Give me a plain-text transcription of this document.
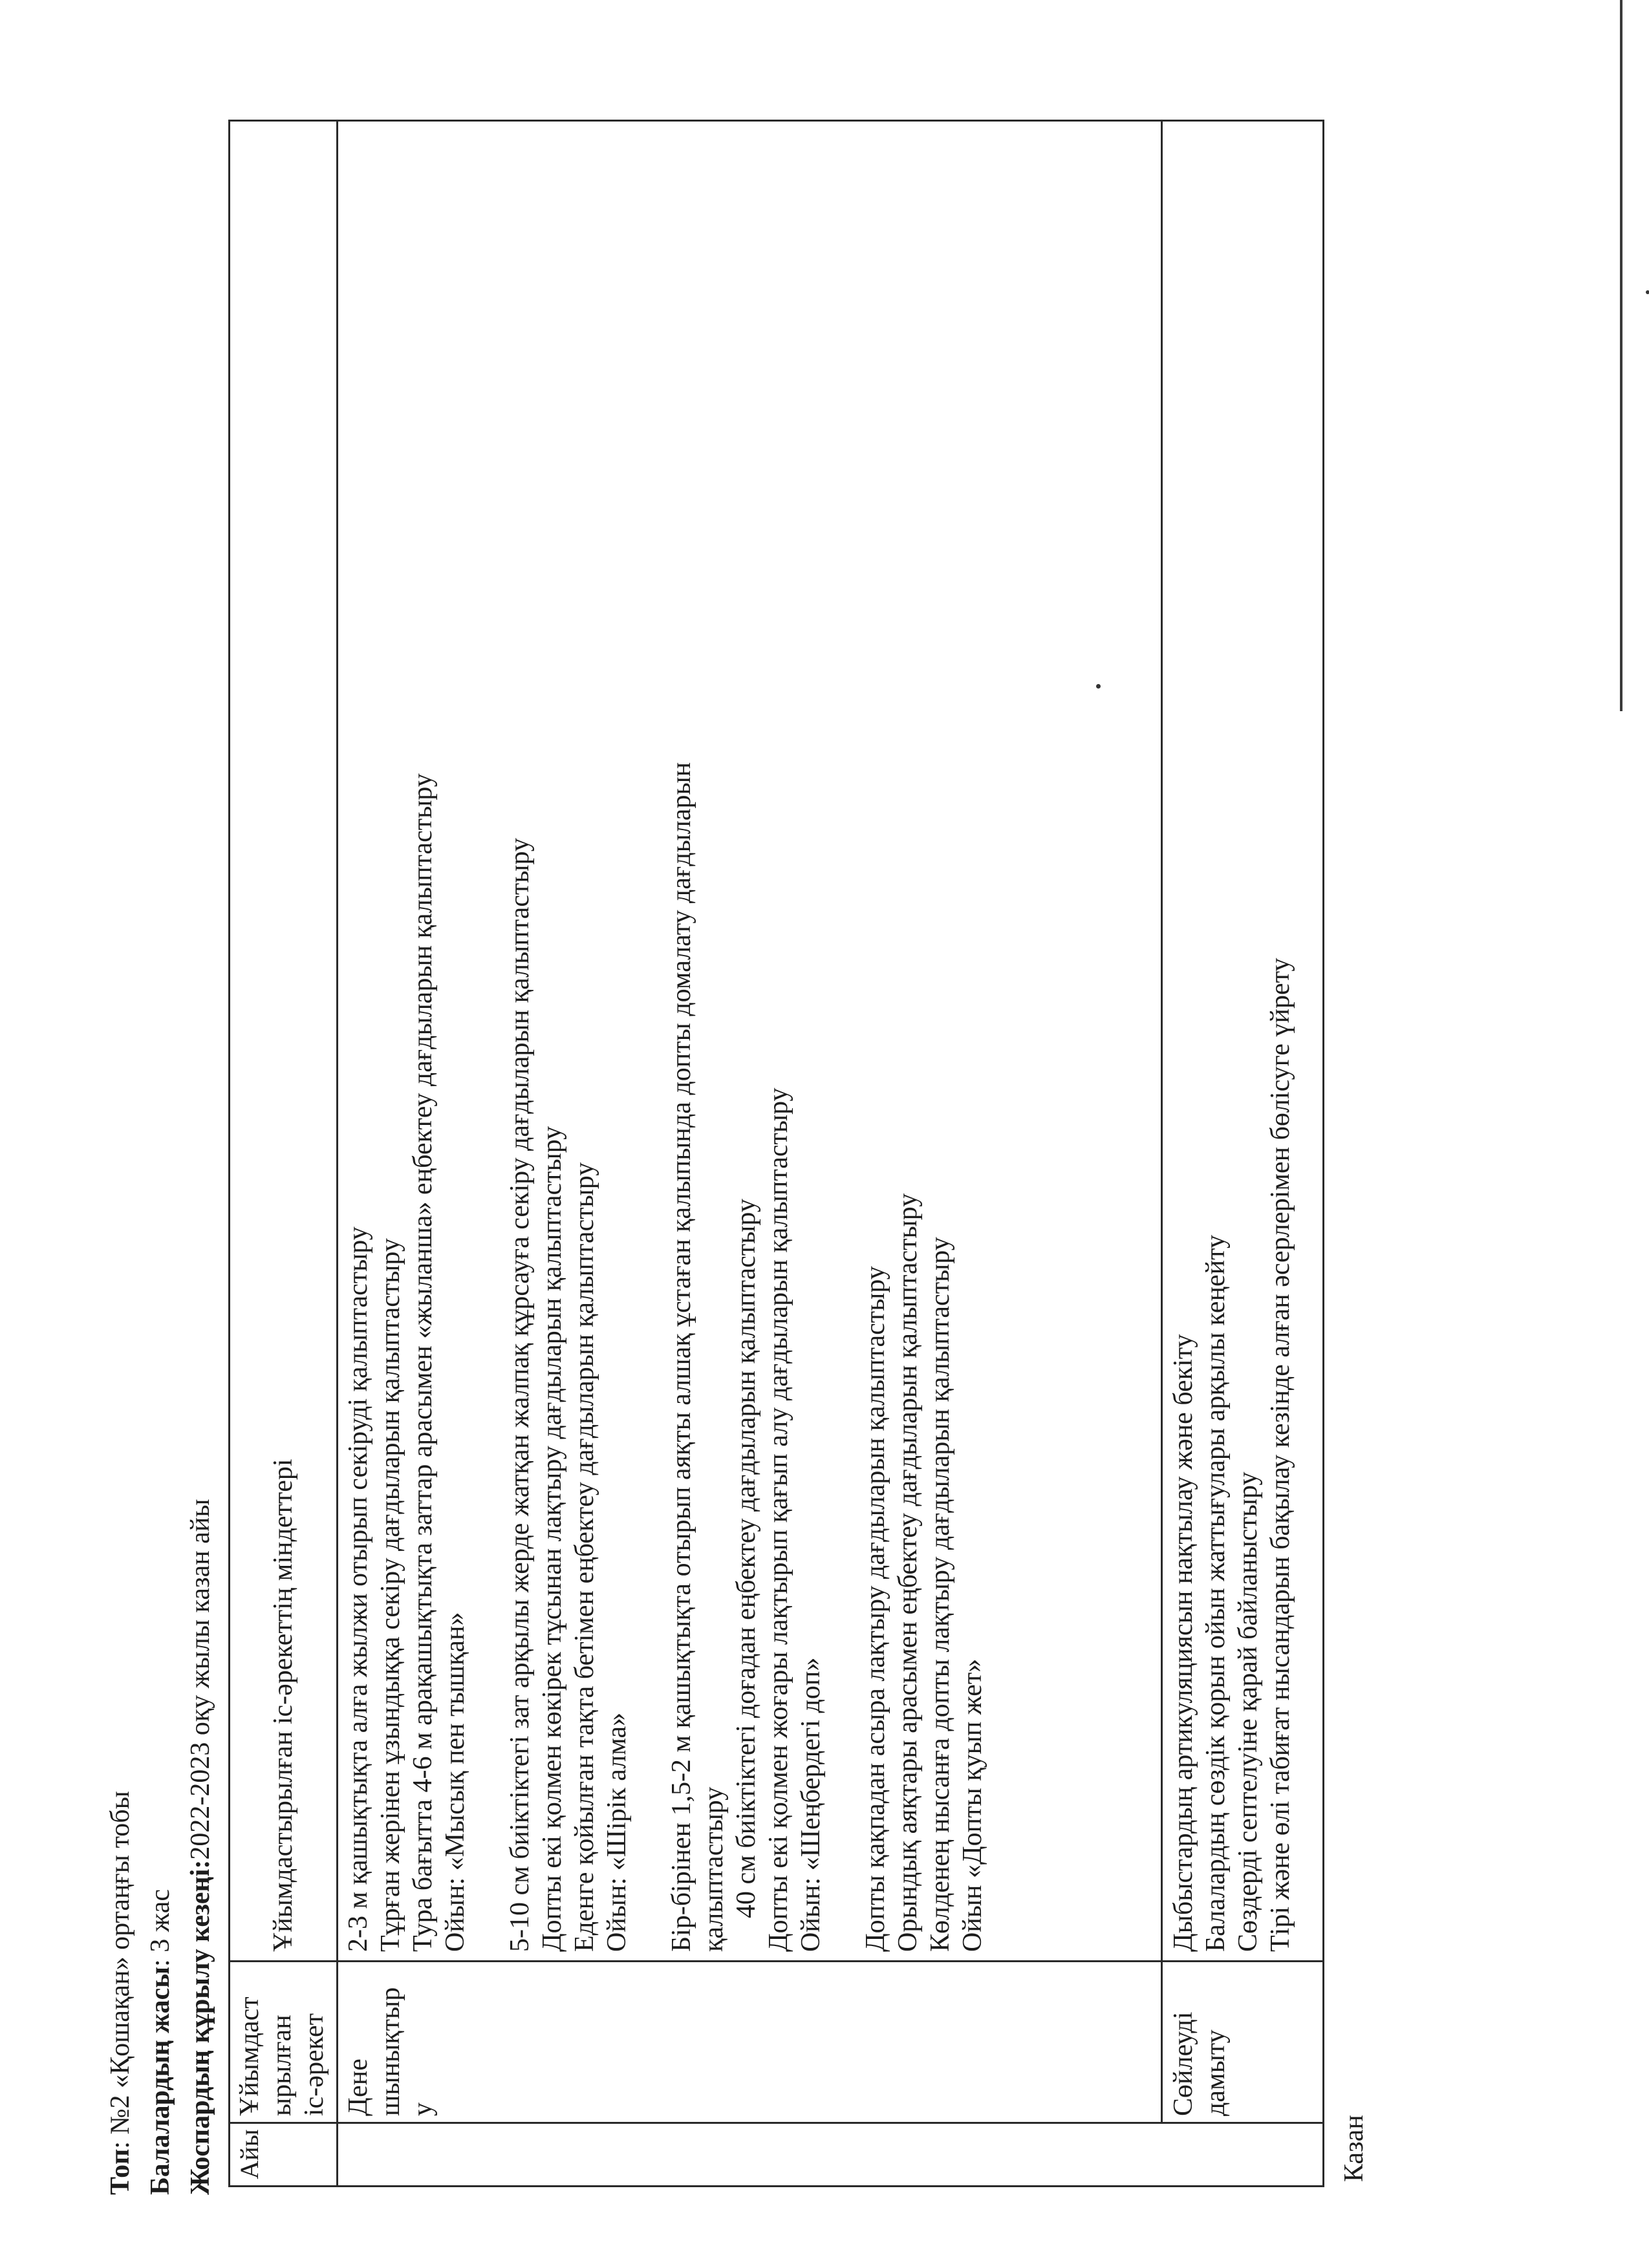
Топ: №2 «Қошақан» ортаңғы тобы Балалардың жасы: 3 жас Жоспардың құрылу кезеңі:2022-2023 оқу жылы казан айы
Айы
Ұйымдаст ырылған іс-әрекет
Ұйымдастырылған іс-әрекеттің міндеттері
Казан
Дене шынықтыр у
2-3 м қашықтықта алға жылжи отырып секіруді қалыптастыру Тұрған жерінен ұзындыққа секіру дағдыларын қалыптастыру Тура бағытта 4-6 м арақашықтықта заттар арасымен «жыланша» еңбектеу дағдыларын қалыптастыру Ойын: «Мысық пен тышқан» 5-10 см биіктіктегі зат арқылы жерде жатқан жалпақ құрсауға секіру дағдыларын қалыптастыру Допты екі қолмен көкірек тұсынан лақтыру дағдыларын қалыптастыру Еденге қойылған тақта бетімен еңбектеу дағдыларын қалыптастыру Ойын: «Шірік алма» Бір-бірінен 1,5-2 м қашықтықта отырып аяқты алшақ ұстаған қалыпында допты домалату дағдыларын қалыптастыру 40 см биіктіктегі доғадан еңбектеу дағдыларын қалыптастыру Допты екі қолмен жоғары лақтырып қағып алу дағдыларын қалыптастыру Ойын: «Шеңбердегі доп» Допты қақпадан асыра лақтыру дағдыларын қалыптастыру Орындық аяқтары арасымен еңбектеу дағдыларын қалыптастыру Көлденең нысанға допты лақтыру дағдыларын қалыптастыру Ойын «Допты қуып жет»
Сөйлеуді дамыту
Дыбыстардың артикуляциясын нақтылау және бекіту Балалардың сөздік қорын ойын жаттығулары арқылы кеңейту Сөздерді септелуіне қарай байланыстыру Тірі және өлі табиғат нысандарын бақылау кезінде алған әсерлерімен бөлісуге үйрету
